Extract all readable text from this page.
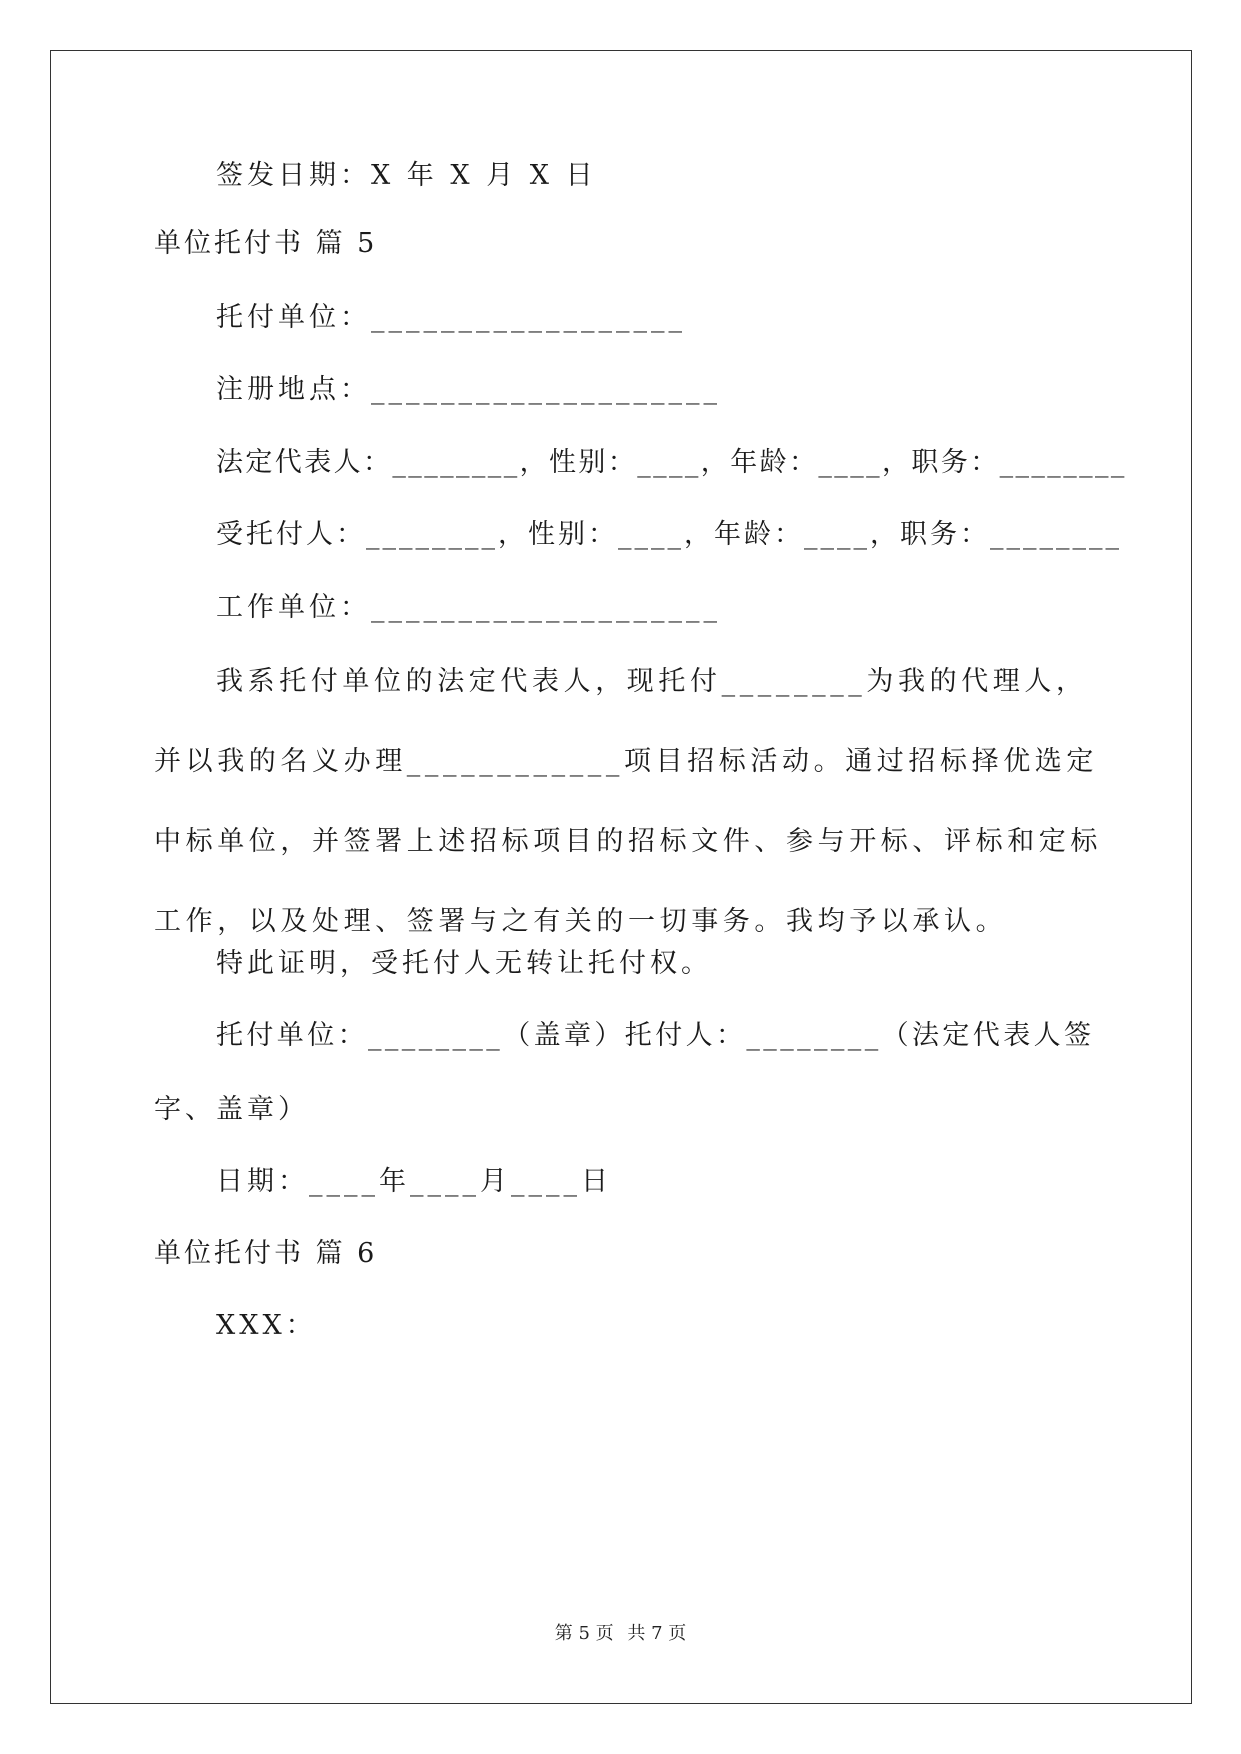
签发日期：X 年 X 月 X 日
单位托付书 篇 5
托付单位：__________________
注册地点：____________________
法定代表人：________，性别：____，年龄：____，职务：________
受托付人：________，性别：____，年龄：____，职务：________
工作单位：____________________
我系托付单位的法定代表人，现托付________为我的代理人，并以我的名义办理____________项目招标活动。通过招标择优选定中标单位，并签署上述招标项目的招标文件、参与开标、评标和定标工作，以及处理、签署与之有关的一切事务。我均予以承认。
特此证明，受托付人无转让托付权。
托付单位：________（盖章）托付人：________（法定代表人签
字、盖章）
日期：____年____月____日
单位托付书 篇 6
XXX：
第 5 页 共 7 页
